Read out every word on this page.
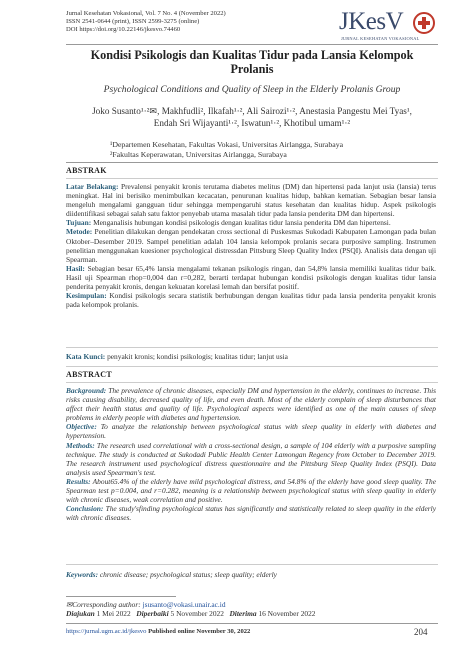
Jurnal Kesehatan Vokasional, Vol. 7 No. 4 (November 2022)
ISSN 2541-0644 (print), ISSN 2599-3275 (online)
DOI https://doi.org/10.22146/jkesvo.74460	JKesV
JURNAL KESEHATAN VOKASIONAL
Kondisi Psikologis dan Kualitas Tidur pada Lansia Kelompok
Prolanis
Psychological Conditions and Quality of Sleep in the Elderly Prolanis Group
Joko Susanto¹·²✉, Makhfudli², Ilkafah¹·², Ali Sairozi¹·², Anestasia Pangestu Mei Tyas¹,
Endah Sri Wijayanti¹·², Iswatun¹·², Khotibul umam¹·²
¹Departemen Kesehatan, Fakultas Vokasi, Universitas Airlangga, Surabaya
²Fakultas Keperawatan, Universitas Airlangga, Surabaya
ABSTRAK
Latar Belakang: Prevalensi penyakit kronis terutama diabetes melitus (DM) dan hipertensi pada lanjut usia (lansia) terus meningkat. Hal ini berisiko menimbulkan kecacatan, penurunan kualitas hidup, bahkan kematian. Sebagian besar lansia mengeluh mengalami gangguan tidur sehingga mempengaruhi status kesehatan dan kualitas hidup. Aspek psikologis diidentifikasi sebagai salah satu faktor penyebab utama masalah tidur pada lansia penderita DM dan hipertensi.
Tujuan: Menganalisis hubungan kondisi psikologis dengan kualitas tidur lansia penderita DM dan hipertensi.
Metode: Penelitian dilakukan dengan pendekatan cross sectional di Puskesmas Sukodadi Kabupaten Lamongan pada bulan Oktober–Desember 2019. Sampel penelitian adalah 104 lansia kelompok prolanis secara purposive sampling. Instrumen penelitian menggunakan kuesioner psychological distressdan Pittsburg Sleep Quality Index (PSQI). Analisis data dengan uji Spearman.
Hasil: Sebagian besar 65,4% lansia mengalami tekanan psikologis ringan, dan 54,8% lansia memiliki kualitas tidur baik. Hasil uji Spearman rhop=0,004 dan r=0,282, berarti terdapat hubungan kondisi psikologis dengan kualitas tidur lansia penderita penyakit kronis, dengan kekuatan korelasi lemah dan bersifat positif.
Kesimpulan: Kondisi psikologis secara statistik berhubungan dengan kualitas tidur pada lansia penderita penyakit kronis pada kelompok prolanis.
Kata Kunci: penyakit kronis; kondisi psikologis; kualitas tidur; lanjut usia
ABSTRACT
Background: The prevalence of chronic diseases, especially DM and hypertension in the elderly, continues to increase. This risks causing disability, decreased quality of life, and even death. Most of the elderly complain of sleep disturbances that affect their health status and quality of life. Psychological aspects were identified as one of the main causes of sleep problems in elderly people with diabetes and hypertension.
Objective: To analyze the relationship between psychological status with sleep quality in elderly with diabetes and hypertension.
Methods: The research used correlational with a cross-sectional design, a sample of 104 elderly with a purposive sampling technique. The study is conducted at Sukodadi Public Health Center Lamongan Regency from October to December 2019. The research instrument used psychological distress questionnaire and the Pittsburg Sleep Quality Index (PSQI). Data analysis used Spearman's test.
Results: About65.4% of the elderly have mild psychological distress, and 54.8% of the elderly have good sleep quality. The Spearman test p=0.004, and r=0.282, meaning is a relationship between psychological status with sleep quality in elderly with chronic diseases, weak correlation and positive.
Conclusion: The study'sfinding psychological status has significantly and statistically related to sleep quality in the elderly with chronic diseases.
Keywords: chronic disease; psychological status; sleep quality; elderly
✉Corresponding author: jsusanto@vokasi.unair.ac.id
Diajukan 1 Mei 2022 Diperbaiki 5 November 2022 Diterima 16 November 2022
https://jurnal.ugm.ac.id/jkesvo Published online November 30, 2022	204
